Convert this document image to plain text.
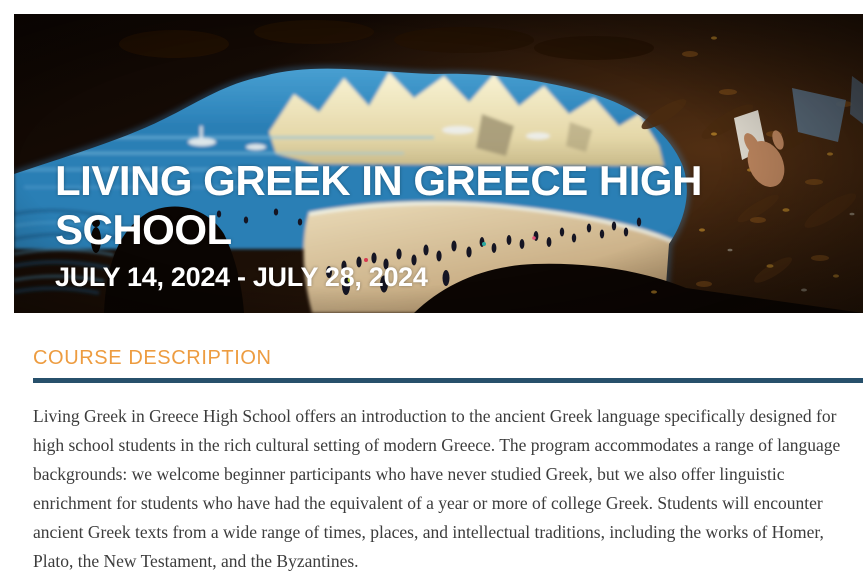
LIVING GREEK IN GREECE HIGH SCHOOL

JULY 14, 2024 - JULY 28, 2024

COURSE DESCRIPTION

Living Greek in Greece High School offers an introduction to the ancient Greek language specifically designed for high school students in the rich cultural setting of modern Greece. The program accommodates a range of language backgrounds: we welcome beginner participants who have never studied Greek, but we also offer linguistic enrichment for students who have had the equivalent of a year or more of college Greek. Students will encounter ancient Greek texts from a wide range of times, places, and intellectual traditions, including the works of Homer, Plato, the New Testament, and the Byzantines.
